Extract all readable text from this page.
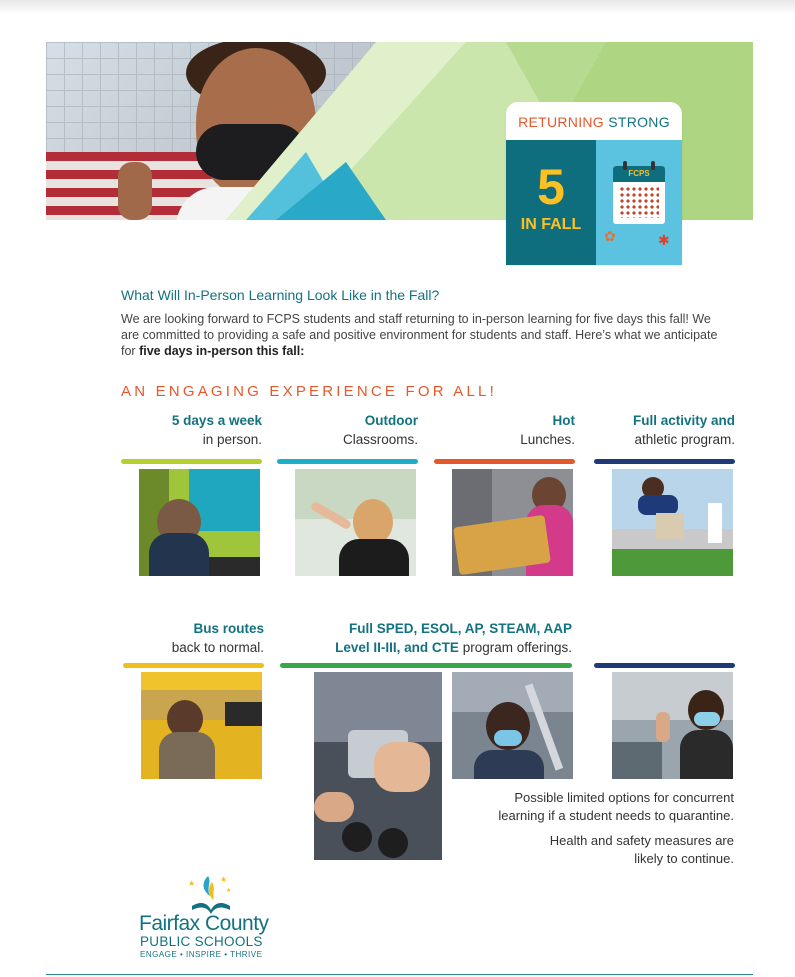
RETURNING STRONG
5
IN FALL
FCPS
✿	✱
What Will In-Person Learning Look Like in the Fall?
We are looking forward to FCPS students and staff returning to in-person learning for five days this fall! We are committed to providing a safe and positive environment for students and staff. Here’s what we anticipate for five days in-person this fall:
AN ENGAGING EXPERIENCE FOR ALL!
5 days a week
in person.
Outdoor
Classrooms.
Hot
Lunches.
Full activity and
athletic program.
Bus routes
back to normal.
Full SPED, ESOL, AP, STEAM, AAP
Level II-III, and CTE program offerings.
Possible limited options for concurrent
learning if a student needs to quarantine.
Health and safety measures are
likely to continue.
★	★
★
Fairfax County
PUBLIC SCHOOLS
ENGAGE • INSPIRE • THRIVE
